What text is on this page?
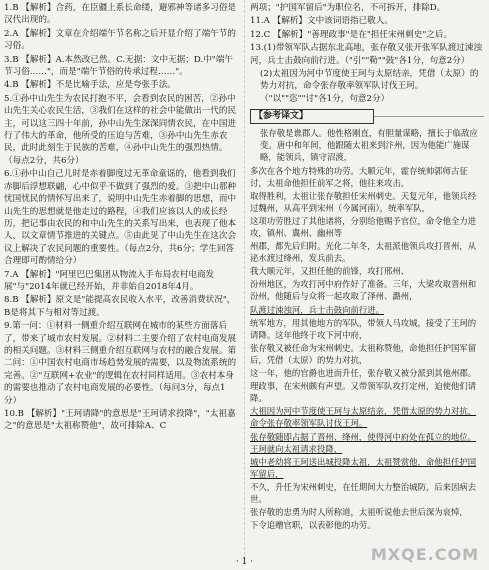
1.B 【解析】合药，在臣疆上系长命缕，避邪神等诸多习俗是汉代出现的。

2.A 【解析】文章在介绍端午节名称之后开显介绍了端午节的习俗。

3.B 【解析】A.本然改已然。C.无据：文中无据；D.中"端午节习俗……"，而是"端午节俗的传承过程……"。

4.B 【解析】不是比喻手法，应是夸张手法。

5.①孙中山先生为农民打抱不平，会看到农民的困苦，②孙中山先生关心农民生活，③我们在这样的社会中能做出一代的民主，可以这三四十年前，孙中山先生深深同情农民，在中国进行了伟大的革命，他所受的压迫与苦难，③孙中山先生赤农民，此时此刻生于民族的苦难，④孙中山先生的强烈热情。（每点2分，共6分）

6.①孙中山自己儿时是赤着脚度过无革命童谣的，他看到我们赤脚后浮想联翩，心中似乎不做到了强烈的爱。③把中山那种忧国忧民的情怀写出来了，说明中山先生赤着脚的思想，而中山先生的思想就是他走过的路程，④我们应该以人的成长经历，把记事由农民的和中山先生的关系写出来，也表现了他本人，以文章情节推进的关键点。⑤由此见了中山先生在这次会议上解决了农民问题的重要性。（每点2分，共6分；学生回答合理即可酌情给分）

7.A 【解析】"阿里巴巴集团从物流入手布局农村电商发展"与"2014年就已经开始，并非始自2018年4月。

8.B 【解析】原文是"能提高农民收入水平，改善消费状况"，B是将其下与相对等过渡。

9.第一问：①材料一侧重介绍互联网在城市的某些方面落后了，带来了城市农村发展。②材料二主要介绍了农村电商发展的相关问题。③材料三侧重介绍互联网与农村的融合发展。第二问：①中国农村电商市场趋势发展的需要，以及物流系统的完善。②"互联网+农业"的逻辑在农村同样适用。③农村本身的需要也推动了农村电商发展的必要性。（每问3分，每点1分）

10.B 【解析】"王珂请降"的意思是"王珂请求投降"，"太祖嘉之"的意思是"太祖称赞他"，故可排除A、C

两项；"护国军留后"为职位名，不可拆开，排除D。

11.A 【解析】文中该词语指已敬人。

12.C 【解析】"善理政事"是在"担任宋州刺史"之后。

13.(1)带领军队占据东北高地，张存敬又张开张军队渡过涑浊河，兵士击鼓向前行进。（"引""勒""鼓"各1分，句意2分）

(2)太祖因为河中节度使王珂与太原结亲，凭借（太原）的势力对抗，命令张存敬率领军队讨伐王珂。（"以""恣""讨"各1分，句意2分）

【参考译文】

张存敬是谯郡人。他性格刚直，有胆量谋略，擅长于临敌应变。唐中和年间，他跟随太祖来到汴州，因为他能广施谋略，能领兵，镇守沼渡，

多次在各个地方特殊的功劳。大顺元年，霍存统帅郭师古征讨，太祖命他担任前军之将，他往来攻击，

取得胜利，太祖让张存敬担任宋州刺史。天复元年，他领兵经过魏州，从高平到宋州（今属河南），统率军队，

这项功劳胜过了其他诸将，分别给他赐予官位，命令他全力进攻，镇州、冀州、幽州等

州郡，都先后归附。光化二年冬，太祖派他领兵攻打晋州，从泌水渡过绛州，发兵前去。

我大顺元年，又担任他的前锋，攻打邢州、

汾州地区，为攻打河中府作好了准备。三年，大梁攻取晋州和汾州，他随后与众将一起攻取了泽州、潞州，

队渡过涑浊河，兵士击鼓向前行进。

统军地方，用其他地方的军队，带领人马攻城，接受了王珂的请降。这年他终于攻下河中府，

张存敬又被任命为宋州刺史。太祖称赞他，命他担任护国军留后，凭借（太原）的势力对抗，

这一年，他的官爵也进而升任，张存敬又被分派到其他州郡。

理政事，在宋州颇有声望。又带领军队攻打定州，迫使他们请降。

大祖因为河中节度使王珂与太原结亲，凭借太原的势力对抗，命令张存敬率领军队讨伐王珂。

张存敬随即占据了晋州、绛州，使得河中府处在孤立的地位。王珂就向太祖请求投降，

城中老幼将王珂送出城投降太祖，太祖赞赏他，命他担任护国军留后，

不久，升任为宋州刺史，在任期间大力整治城防，后来因病去世。

张存敬的忠勇为时人所称道，太祖听说他去世后深为哀悼，

下令追赠官职，以表彰他的功劳。

· 1 ·	MXQE.COM
